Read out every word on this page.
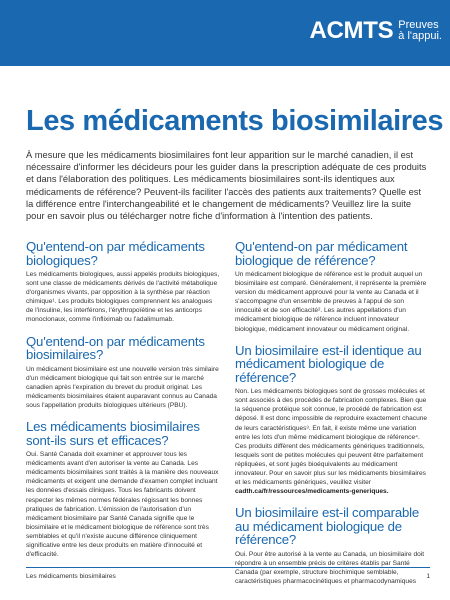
ACMTS Preuves
à l'appui.
Les médicaments biosimilaires

À mesure que les médicaments biosimilaires font leur apparition sur le marché canadien, il est nécessaire d'informer les décideurs pour les guider dans la prescription adéquate de ces produits et dans l'élaboration des politiques. Les médicaments biosimilaires sont-ils identiques aux médicaments de référence? Peuvent-ils faciliter l'accès des patients aux traitements? Quelle est la différence entre l'interchangeabilité et le changement de médicaments? Veuillez lire la suite pour en savoir plus ou télécharger notre fiche d'information à l'intention des patients.

Qu'entend-on par médicaments biologiques?

Les médicaments biologiques, aussi appelés produits biologiques, sont une classe de médicaments dérivés de l'activité métabolique d'organismes vivants, par opposition à la synthèse par réaction chimique¹. Les produits biologiques comprennent les analogues de l'insuline, les interférons, l'érythropoïétine et les anticorps monoclonaux, comme l'infliximab ou l'adalimumab.

Qu'entend-on par médicaments biosimilaires?

Un médicament biosimilaire est une nouvelle version très similaire d'un médicament biologique qui fait son entrée sur le marché canadien après l'expiration du brevet du produit original. Les médicaments biosimilaires étaient auparavant connus au Canada sous l'appellation produits biologiques ultérieurs (PBU).

Les médicaments biosimilaires sont-ils surs et efficaces?

Oui. Santé Canada doit examiner et approuver tous les médicaments avant d'en autoriser la vente au Canada. Les médicaments biosimilaires sont traités à la manière des nouveaux médicaments et exigent une demande d'examen complet incluant les données d'essais cliniques. Tous les fabricants doivent respecter les mêmes normes fédérales régissant les bonnes pratiques de fabrication. L'émission de l'autorisation d'un médicament biosimilaire par Santé Canada signifie que le biosimilaire et le médicament biologique de référence sont très semblables et qu'il n'existe aucune différence cliniquement significative entre les deux produits en matière d'innocuité et d'efficacité.

Qu'entend-on par médicament biologique de référence?

Un médicament biologique de référence est le produit auquel un biosimilaire est comparé. Généralement, il représente la première version du médicament approuvé pour la vente au Canada et il s'accompagne d'un ensemble de preuves à l'appui de son innocuité et de son efficacité². Les autres appellations d'un médicament biologique de référence incluent innovateur biologique, médicament innovateur ou médicament original.

Un biosimilaire est-il identique au médicament biologique de référence?

Non. Les médicaments biologiques sont de grosses molécules et sont associés à des procédés de fabrication complexes. Bien que la séquence protéique soit connue, le procédé de fabrication est déposé. Il est donc impossible de reproduire exactement chacune de leurs caractéristiques³. En fait, il existe même une variation entre les lots d'un même médicament biologique de référence⁴. Ces produits diffèrent des médicaments génériques traditionnels, lesquels sont de petites molécules qui peuvent être parfaitement répliquées, et sont jugés bioéquivalents au médicament innovateur. Pour en savoir plus sur les médicaments biosimilaires et les médicaments génériques, veuillez visiter cadth.ca/fr/ressources/medicaments-generiques.

Un biosimilaire est-il comparable au médicament biologique de référence?

Oui. Pour être autorisé à la vente au Canada, un biosimilaire doit répondre à un ensemble précis de critères établis par Santé Canada (par exemple, structure biochimique semblable, caractéristiques pharmacocinétiques et pharmacodynamiques

Les médicaments biosimilaires	1
